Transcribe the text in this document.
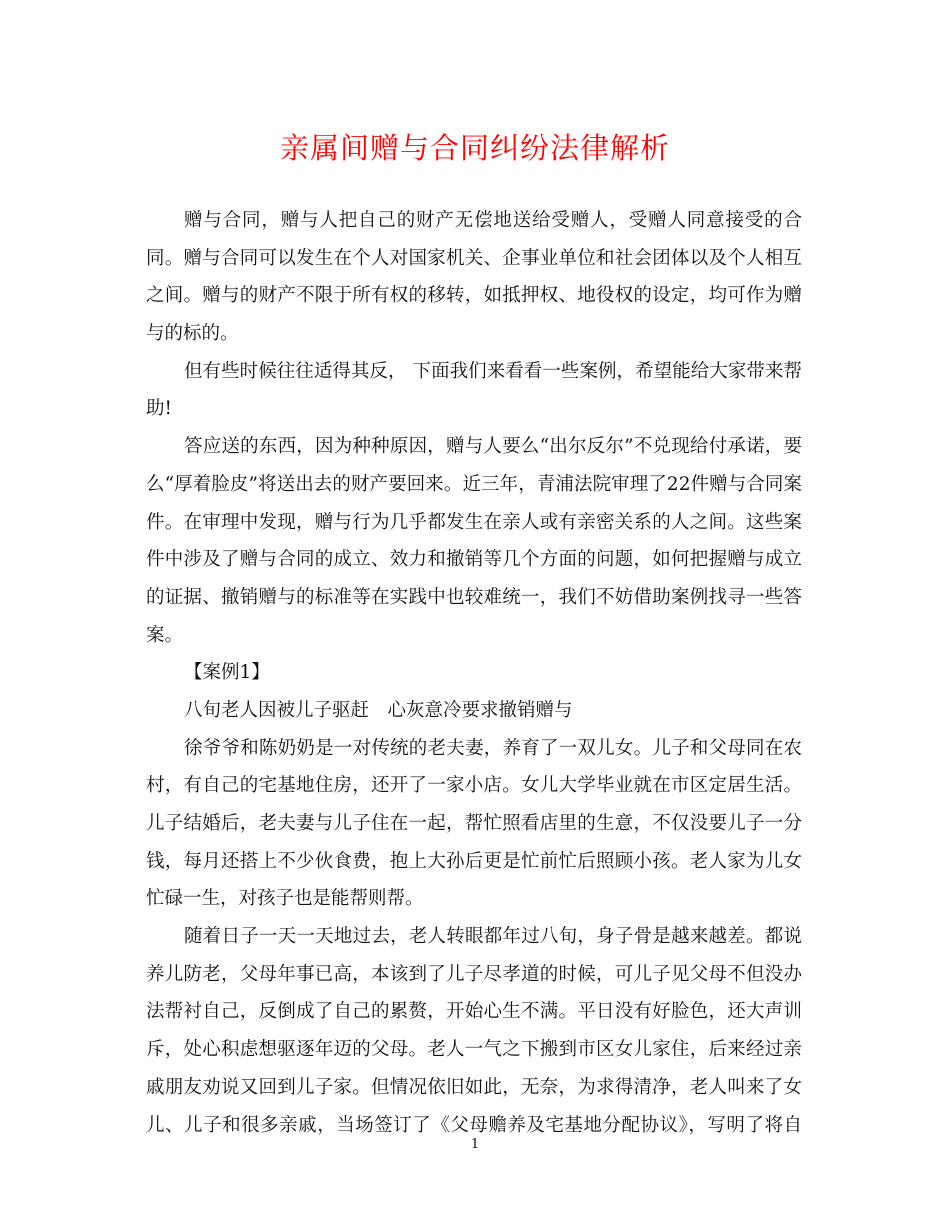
亲属间赠与合同纠纷法律解析
赠与合同，赠与人把自己的财产无偿地送给受赠人，受赠人同意接受的合
同。赠与合同可以发生在个人对国家机关、企事业单位和社会团体以及个人相互
之间。赠与的财产不限于所有权的移转，如抵押权、地役权的设定，均可作为赠
与的标的。
但有些时候往往适得其反， 下面我们来看看一些案例，希望能给大家带来帮
助!
答应送的东西，因为种种原因，赠与人要么“出尔反尔”不兑现给付承诺，要
么“厚着脸皮”将送出去的财产要回来。近三年，青浦法院审理了22件赠与合同案
件。在审理中发现，赠与行为几乎都发生在亲人或有亲密关系的人之间。这些案
件中涉及了赠与合同的成立、效力和撤销等几个方面的问题，如何把握赠与成立
的证据、撤销赠与的标准等在实践中也较难统一，我们不妨借助案例找寻一些答
案。
【案例1】
八旬老人因被儿子驱赶　心灰意冷要求撤销赠与
徐爷爷和陈奶奶是一对传统的老夫妻，养育了一双儿女。儿子和父母同在农
村，有自己的宅基地住房，还开了一家小店。女儿大学毕业就在市区定居生活。
儿子结婚后，老夫妻与儿子住在一起，帮忙照看店里的生意，不仅没要儿子一分
钱，每月还搭上不少伙食费，抱上大孙后更是忙前忙后照顾小孩。老人家为儿女
忙碌一生，对孩子也是能帮则帮。
随着日子一天一天地过去，老人转眼都年过八旬，身子骨是越来越差。都说
养儿防老，父母年事已高，本该到了儿子尽孝道的时候，可儿子见父母不但没办
法帮衬自己，反倒成了自己的累赘，开始心生不满。平日没有好脸色，还大声训
斥，处心积虑想驱逐年迈的父母。老人一气之下搬到市区女儿家住，后来经过亲
戚朋友劝说又回到儿子家。但情况依旧如此，无奈，为求得清净，老人叫来了女
儿、儿子和很多亲戚，当场签订了《父母赡养及宅基地分配协议》，写明了将自
1
